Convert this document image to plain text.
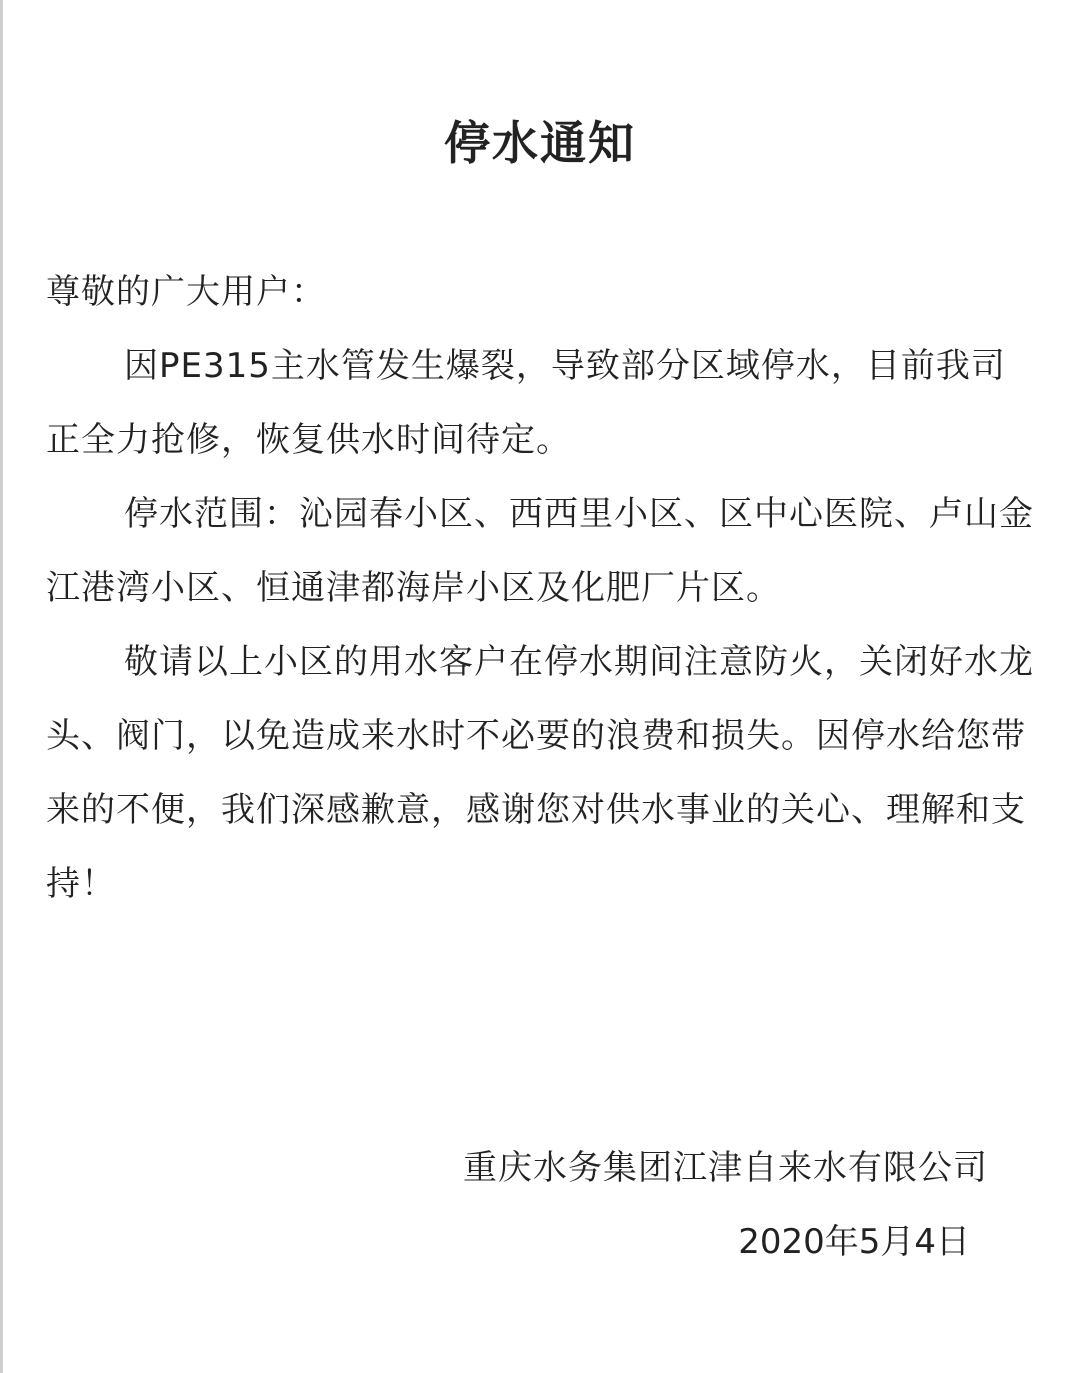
停水通知

尊敬的广大用户：

因PE315主水管发生爆裂，导致部分区域停水，目前我司正全力抢修，恢复供水时间待定。

停水范围：沁园春小区、西西里小区、区中心医院、卢山金江港湾小区、恒通津都海岸小区及化肥厂片区。

敬请以上小区的用水客户在停水期间注意防火，关闭好水龙头、阀门，以免造成来水时不必要的浪费和损失。因停水给您带来的不便，我们深感歉意，感谢您对供水事业的关心、理解和支持！

重庆水务集团江津自来水有限公司
2020年5月4日
